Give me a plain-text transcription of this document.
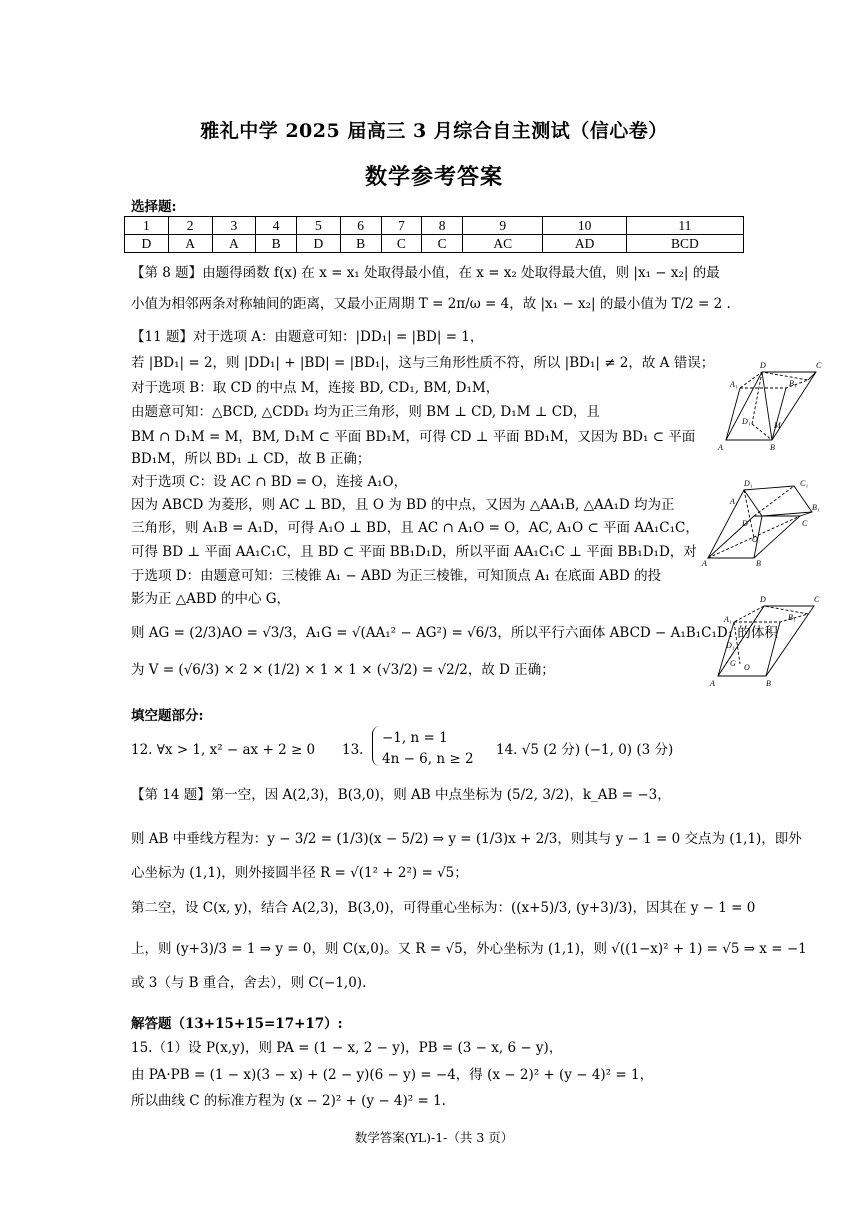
雅礼中学 2025 届高三 3 月综合自主测试（信心卷）
数学参考答案
选择题:
1	2	3	4	5	6	7	8	9	10	11
D	A	A	B	D	B	C	C	AC	AD	BCD
【第 8 题】由题得函数 f(x) 在 x = x₁ 处取得最小值，在 x = x₂ 处取得最大值，则 |x₁ − x₂| 的最
小值为相邻两条对称轴间的距离，又最小正周期 T = 2π/ω = 4，故 |x₁ − x₂| 的最小值为 T/2 = 2 .
【11 题】对于选项 A：由题意可知：|DD₁| = |BD| = 1，
若 |BD₁| = 2，则 |DD₁| + |BD| = |BD₁|，这与三角形性质不符，所以 |BD₁| ≠ 2，故 A 错误；
对于选项 B：取 CD 的中点 M，连接 BD, CD₁, BM, D₁M，
由题意可知：△BCD, △CDD₁ 均为正三角形，则 BM ⊥ CD, D₁M ⊥ CD，且
BM ∩ D₁M = M，BM, D₁M ⊂ 平面 BD₁M，可得 CD ⊥ 平面 BD₁M，又因为 BD₁ ⊂ 平面
BD₁M，所以 BD₁ ⊥ CD，故 B 正确；
对于选项 C：设 AC ∩ BD = O，连接 A₁O，
因为 ABCD 为菱形，则 AC ⊥ BD，且 O 为 BD 的中点，又因为 △AA₁B, △AA₁D 均为正
三角形，则 A₁B = A₁D，可得 A₁O ⊥ BD，且 AC ∩ A₁O = O，AC, A₁O ⊂ 平面 AA₁C₁C，
可得 BD ⊥ 平面 AA₁C₁C，且 BD ⊂ 平面 BB₁D₁D，所以平面 AA₁C₁C ⊥ 平面 BB₁D₁D，对
于选项 D：由题意可知：三棱锥 A₁ − ABD 为正三棱锥，可知顶点 A₁ 在底面 ABD 的投
影为正 △ABD 的中心 G，
则 AG = (2/3)AO = √3/3，A₁G = √(AA₁² − AG²) = √6/3，所以平行六面体 ABCD − A₁B₁C₁D₁ 的体积
为 V = (√6/3) × 2 × (1/2) × 1 × 1 × (√3/2) = √2/2，故 D 正确；
D	C
A₁	B₁
D₁	M
A	B
D₁	C₁
A₁
B₁
D
O
C
A	B
D	C
A₁
D₁
B₁
G O
A	B
填空题部分:
12. ∀x > 1, x² − ax + 2 ≥ 0 13.
−1, n = 1
4n − 6, n ≥ 2
14. √5 (2 分) (−1, 0) (3 分)
【第 14 题】第一空，因 A(2,3)，B(3,0)，则 AB 中点坐标为 (5/2, 3/2)，k_AB = −3，
则 AB 中垂线方程为：y − 3/2 = (1/3)(x − 5/2) ⇒ y = (1/3)x + 2/3，则其与 y − 1 = 0 交点为 (1,1)，即外
心坐标为 (1,1)，则外接圆半径 R = √(1² + 2²) = √5；
第二空，设 C(x, y)，结合 A(2,3)，B(3,0)，可得重心坐标为：((x+5)/3, (y+3)/3)，因其在 y − 1 = 0
上，则 (y+3)/3 = 1 ⇒ y = 0，则 C(x,0)。又 R = √5，外心坐标为 (1,1)，则 √((1−x)² + 1) = √5 ⇒ x = −1
或 3（与 B 重合，舍去），则 C(−1,0).
解答题（13+15+15=17+17）:
15.（1）设 P(x,y)，则 PA = (1 − x, 2 − y)，PB = (3 − x, 6 − y)，
由 PA·PB = (1 − x)(3 − x) + (2 − y)(6 − y) = −4，得 (x − 2)² + (y − 4)² = 1，
所以曲线 C 的标准方程为 (x − 2)² + (y − 4)² = 1.
数学答案(YL)-1-（共 3 页）
